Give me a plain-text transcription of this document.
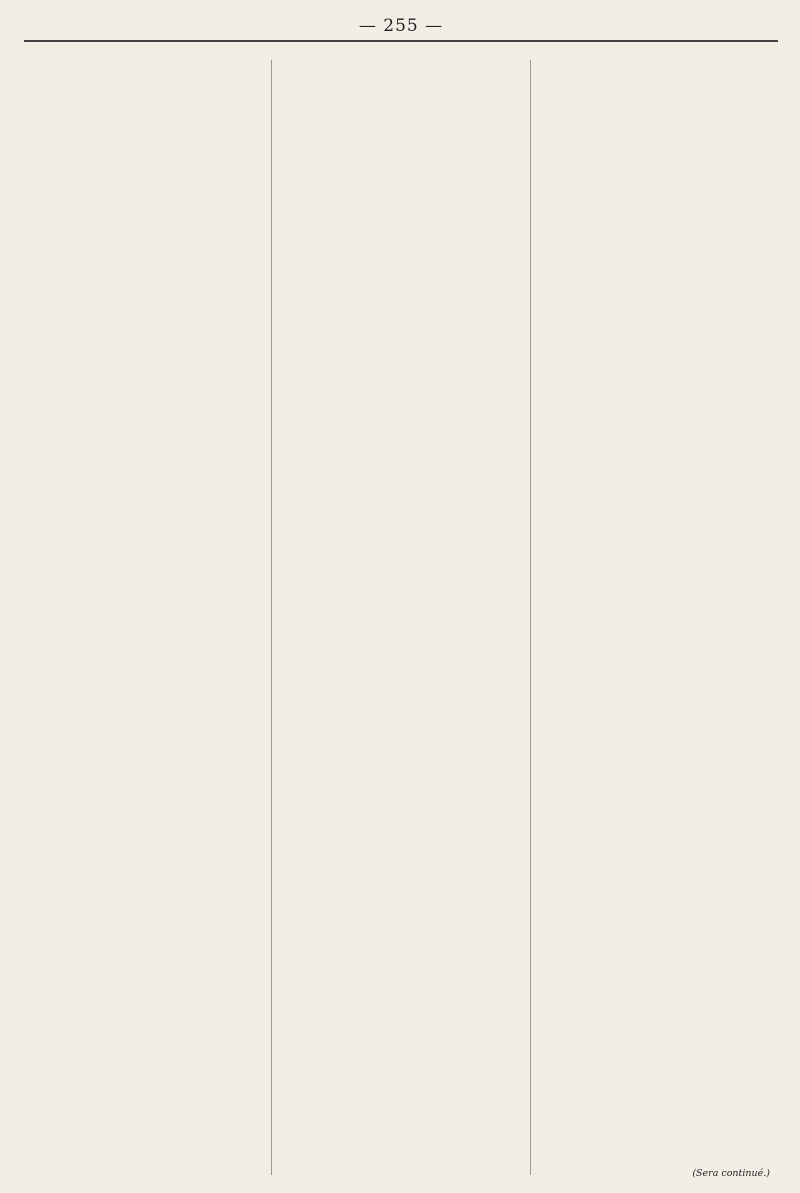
— 255 —
(Sera continué.)
